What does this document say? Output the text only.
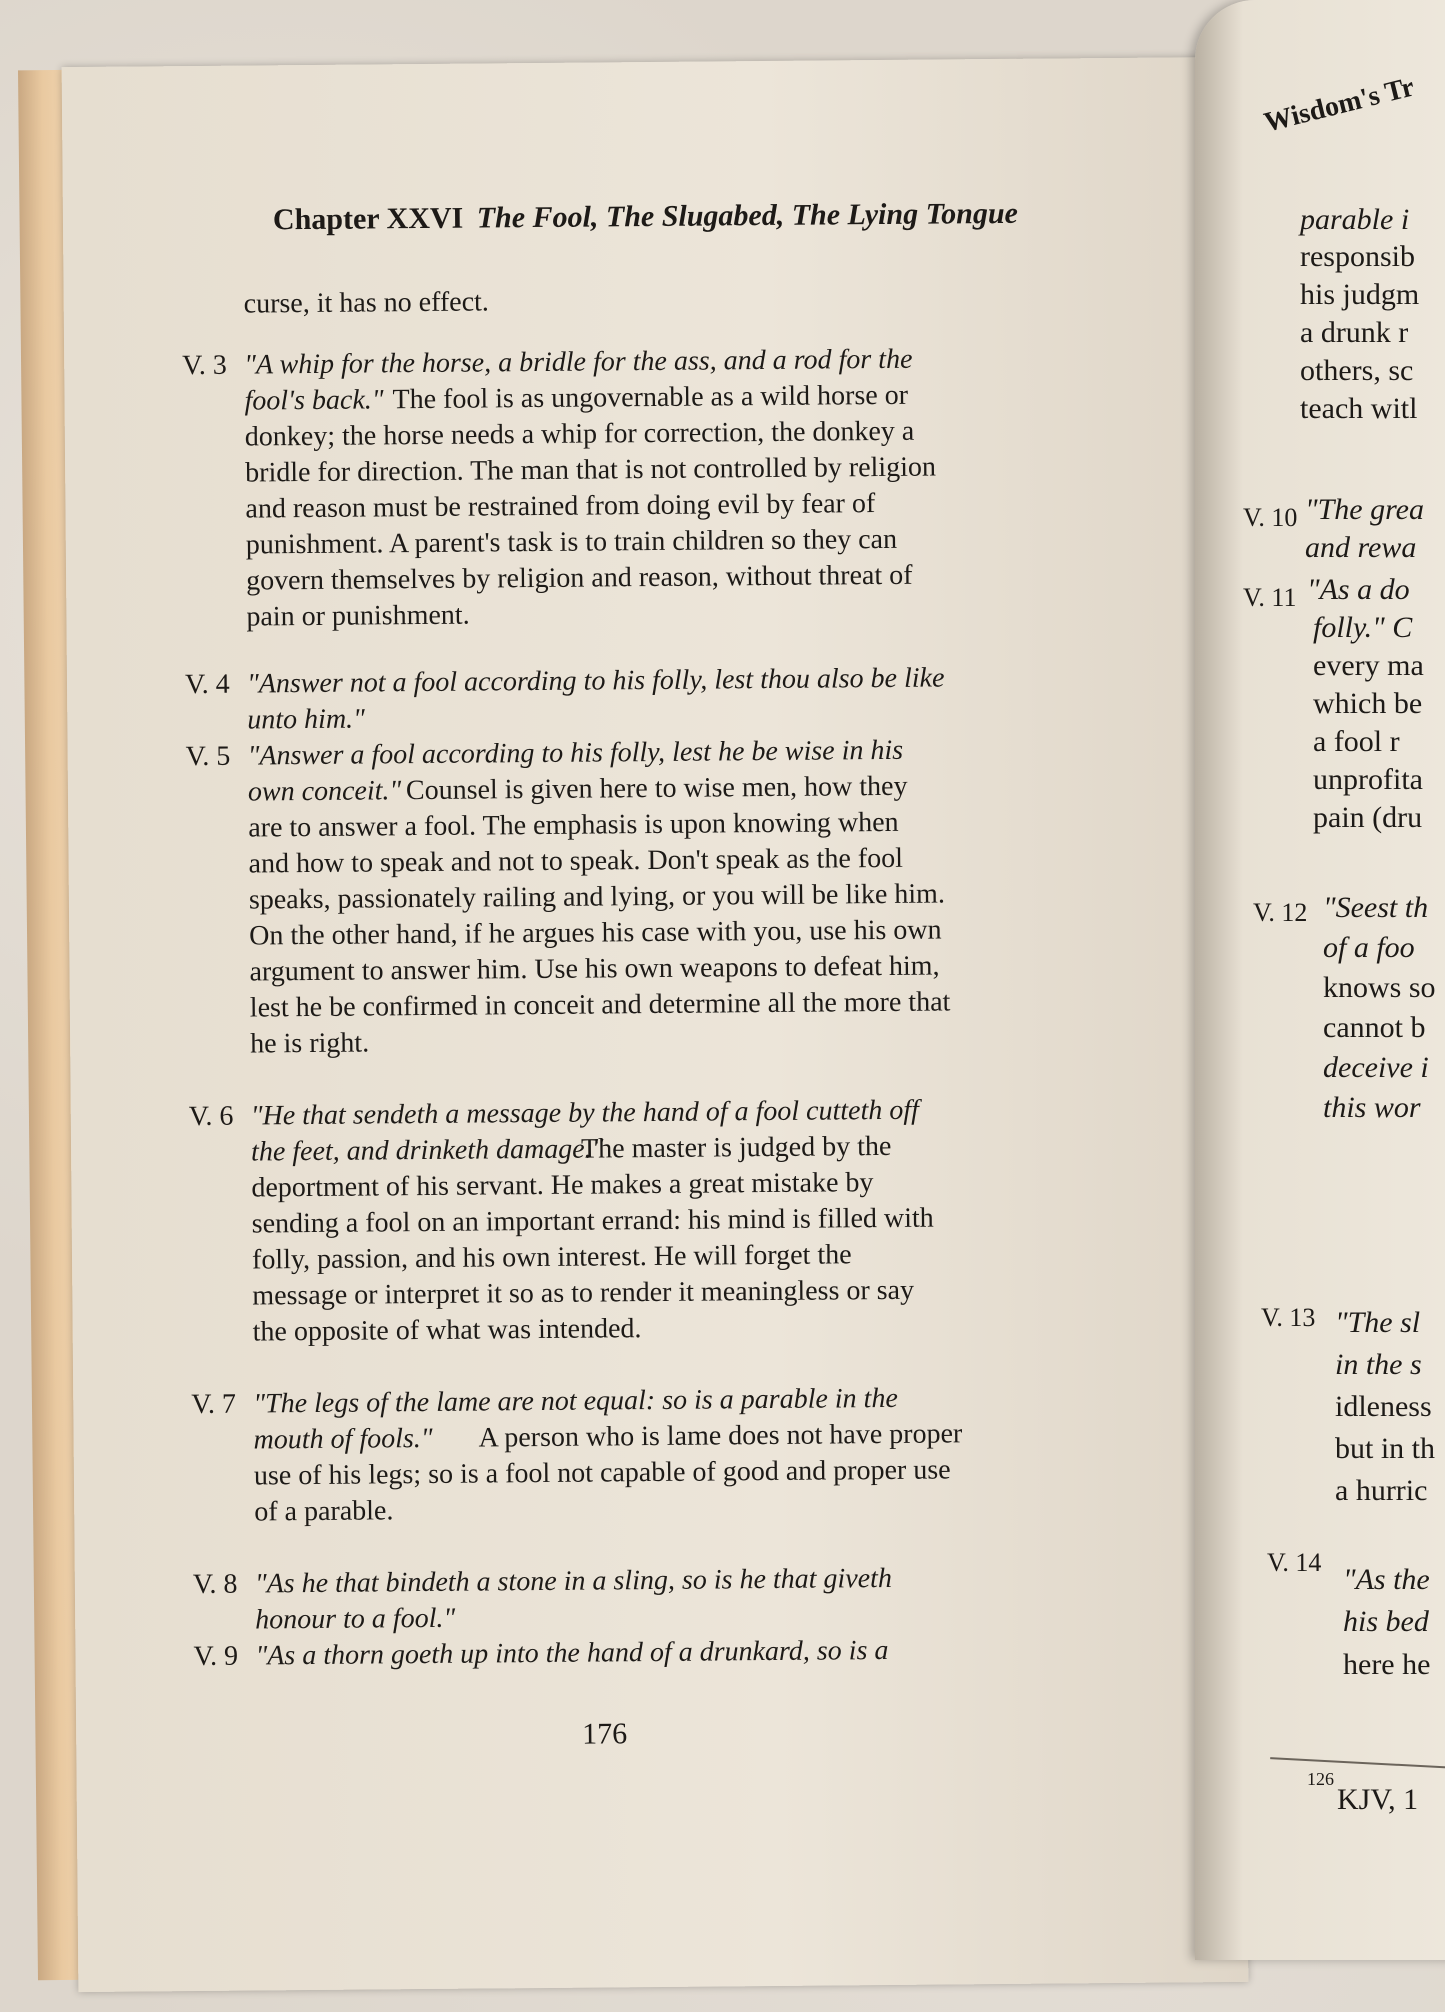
Chapter XXVI The Fool, The Slugabed, The Lying Tongue
curse, it has no effect.
V. 3 "A whip for the horse, a bridle for the ass, and a rod for the
fool's back." The fool is as ungovernable as a wild horse or
donkey; the horse needs a whip for correction, the donkey a
bridle for direction. The man that is not controlled by religion
and reason must be restrained from doing evil by fear of
punishment. A parent's task is to train children so they can
govern themselves by religion and reason, without threat of
pain or punishment.
V. 4 "Answer not a fool according to his folly, lest thou also be like
unto him."
V. 5 "Answer a fool according to his folly, lest he be wise in his
own conceit." Counsel is given here to wise men, how they
are to answer a fool. The emphasis is upon knowing when
and how to speak and not to speak. Don't speak as the fool
speaks, passionately railing and lying, or you will be like him.
On the other hand, if he argues his case with you, use his own
argument to answer him. Use his own weapons to defeat him,
lest he be confirmed in conceit and determine all the more that
he is right.
V. 6 "He that sendeth a message by the hand of a fool cutteth off
the feet, and drinketh damage."
The master is judged by the
deportment of his servant. He makes a great mistake by
sending a fool on an important errand: his mind is filled with
folly, passion, and his own interest. He will forget the
message or interpret it so as to render it meaningless or say
the opposite of what was intended.
V. 7 "The legs of the lame are not equal: so is a parable in the
mouth of fools." A person who is lame does not have proper
use of his legs; so is a fool not capable of good and proper use
of a parable.
V. 8 "As he that bindeth a stone in a sling, so is he that giveth
honour to a fool."
V. 9 "As a thorn goeth up into the hand of a drunkard, so is a
176
Wisdom's Tr
parable i
responsib
his judgm
a drunk r
others, sc
teach witl
V. 10 "The grea
and rewa
V. 11 "As a do
folly." C
every ma
which be
a fool r
unprofita
pain (dru
V. 12 "Seest th
of a foo
knows so
cannot b
deceive i
this wor
V. 13 "The sl
in the s
idleness
but in th
a hurric
V. 14
"As the
his bed
here he
126
KJV, 1
